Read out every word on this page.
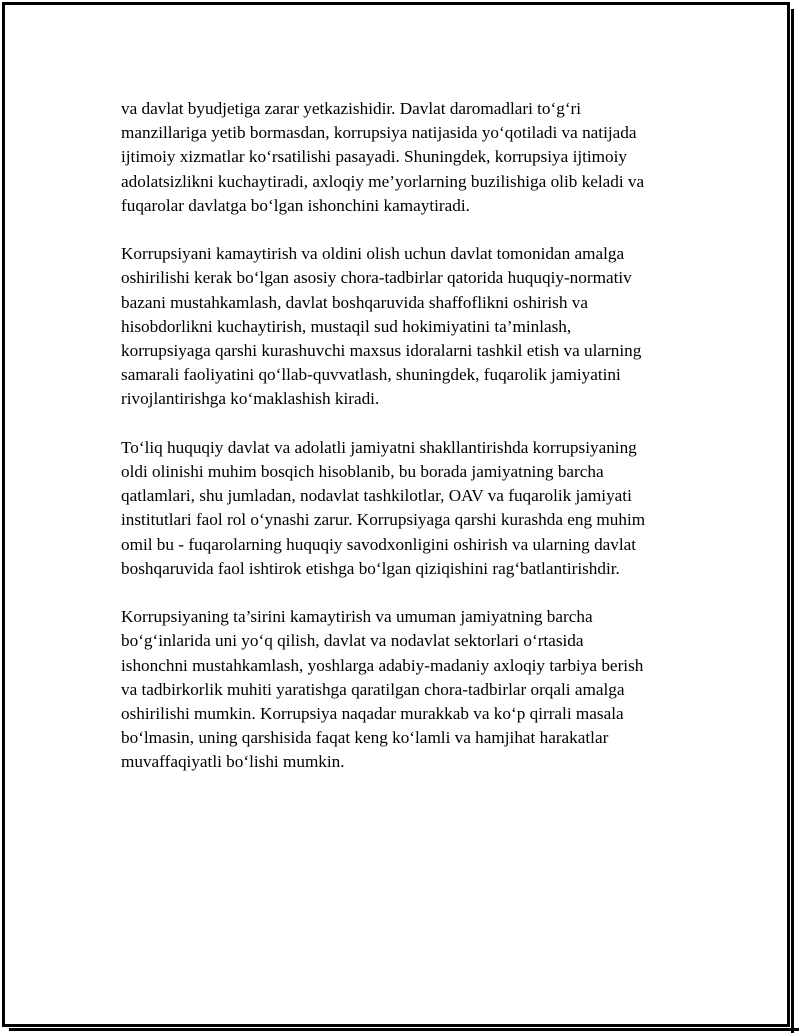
va davlat byudjetiga zarar yetkazishidir. Davlat daromadlari to‘g‘ri
manzillariga yetib bormasdan, korrupsiya natijasida yo‘qotiladi va natijada
ijtimoiy xizmatlar ko‘rsatilishi pasayadi. Shuningdek, korrupsiya ijtimoiy
adolatsizlikni kuchaytiradi, axloqiy me’yorlarning buzilishiga olib keladi va
fuqarolar davlatga bo‘lgan ishonchini kamaytiradi.

Korrupsiyani kamaytirish va oldini olish uchun davlat tomonidan amalga
oshirilishi kerak bo‘lgan asosiy chora-tadbirlar qatorida huquqiy-normativ
bazani mustahkamlash, davlat boshqaruvida shaffoflikni oshirish va
hisobdorlikni kuchaytirish, mustaqil sud hokimiyatini ta’minlash,
korrupsiyaga qarshi kurashuvchi maxsus idoralarni tashkil etish va ularning
samarali faoliyatini qo‘llab-quvvatlash, shuningdek, fuqarolik jamiyatini
rivojlantirishga ko‘maklashish kiradi.

To‘liq huquqiy davlat va adolatli jamiyatni shakllantirishda korrupsiyaning
oldi olinishi muhim bosqich hisoblanib, bu borada jamiyatning barcha
qatlamlari, shu jumladan, nodavlat tashkilotlar, OAV va fuqarolik jamiyati
institutlari faol rol o‘ynashi zarur. Korrupsiyaga qarshi kurashda eng muhim
omil bu - fuqarolarning huquqiy savodxonligini oshirish va ularning davlat
boshqaruvida faol ishtirok etishga bo‘lgan qiziqishini rag‘batlantirishdir.

Korrupsiyaning ta’sirini kamaytirish va umuman jamiyatning barcha
bo‘g‘inlarida uni yo‘q qilish, davlat va nodavlat sektorlari o‘rtasida
ishonchni mustahkamlash, yoshlarga adabiy-madaniy axloqiy tarbiya berish
va tadbirkorlik muhiti yaratishga qaratilgan chora-tadbirlar orqali amalga
oshirilishi mumkin. Korrupsiya naqadar murakkab va ko‘p qirrali masala
bo‘lmasin, uning qarshisida faqat keng ko‘lamli va hamjihat harakatlar
muvaffaqiyatli bo‘lishi mumkin.
